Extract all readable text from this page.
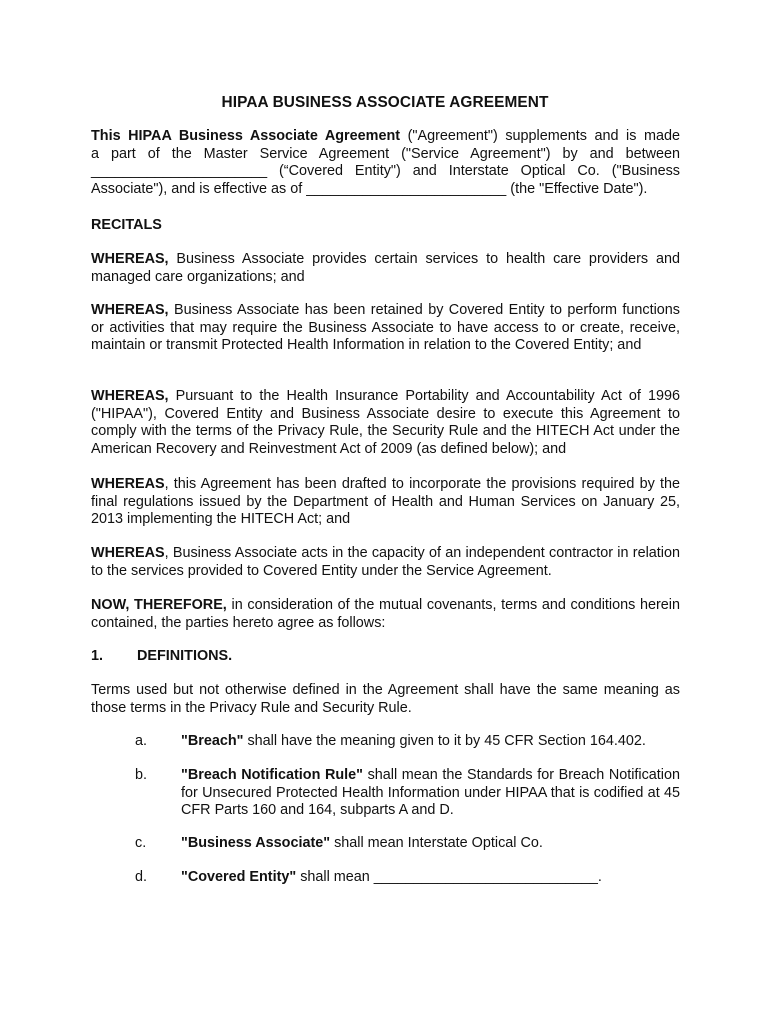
HIPAA BUSINESS ASSOCIATE AGREEMENT

This HIPAA Business Associate Agreement ("Agreement") supplements and is made

a part of the Master Service Agreement ("Service Agreement") by and between

______________________ (“Covered Entity") and Interstate Optical Co. ("Business

Associate"), and is effective as of _________________________ (the "Effective Date").

RECITALS

WHEREAS, Business Associate provides certain services to health care providers and managed care organizations; and

WHEREAS, Business Associate has been retained by Covered Entity to perform functions or activities that may require the Business Associate to have access to or create, receive, maintain or transmit Protected Health Information in relation to the Covered Entity; and

WHEREAS, Pursuant to the Health Insurance Portability and Accountability Act of 1996 ("HIPAA"), Covered Entity and Business Associate desire to execute this Agreement to comply with the terms of the Privacy Rule, the Security Rule and the HITECH Act under the American Recovery and Reinvestment Act of 2009 (as defined below); and

WHEREAS, this Agreement has been drafted to incorporate the provisions required by the final regulations issued by the Department of Health and Human Services on January 25, 2013 implementing the HITECH Act; and

WHEREAS, Business Associate acts in the capacity of an independent contractor in relation to the services provided to Covered Entity under the Service Agreement.

NOW, THEREFORE, in consideration of the mutual covenants, terms and conditions herein contained, the parties hereto agree as follows:

1. DEFINITIONS.
Terms used but not otherwise defined in the Agreement shall have the same meaning as those terms in the Privacy Rule and Security Rule.
a. "Breach" shall have the meaning given to it by 45 CFR Section 164.402.

b. "Breach Notification Rule" shall mean the Standards for Breach Notification for Unsecured Protected Health Information under HIPAA that is codified at 45 CFR Parts 160 and 164, subparts A and D.

c. "Business Associate" shall mean Interstate Optical Co.

d. "Covered Entity" shall mean ____________________________.
